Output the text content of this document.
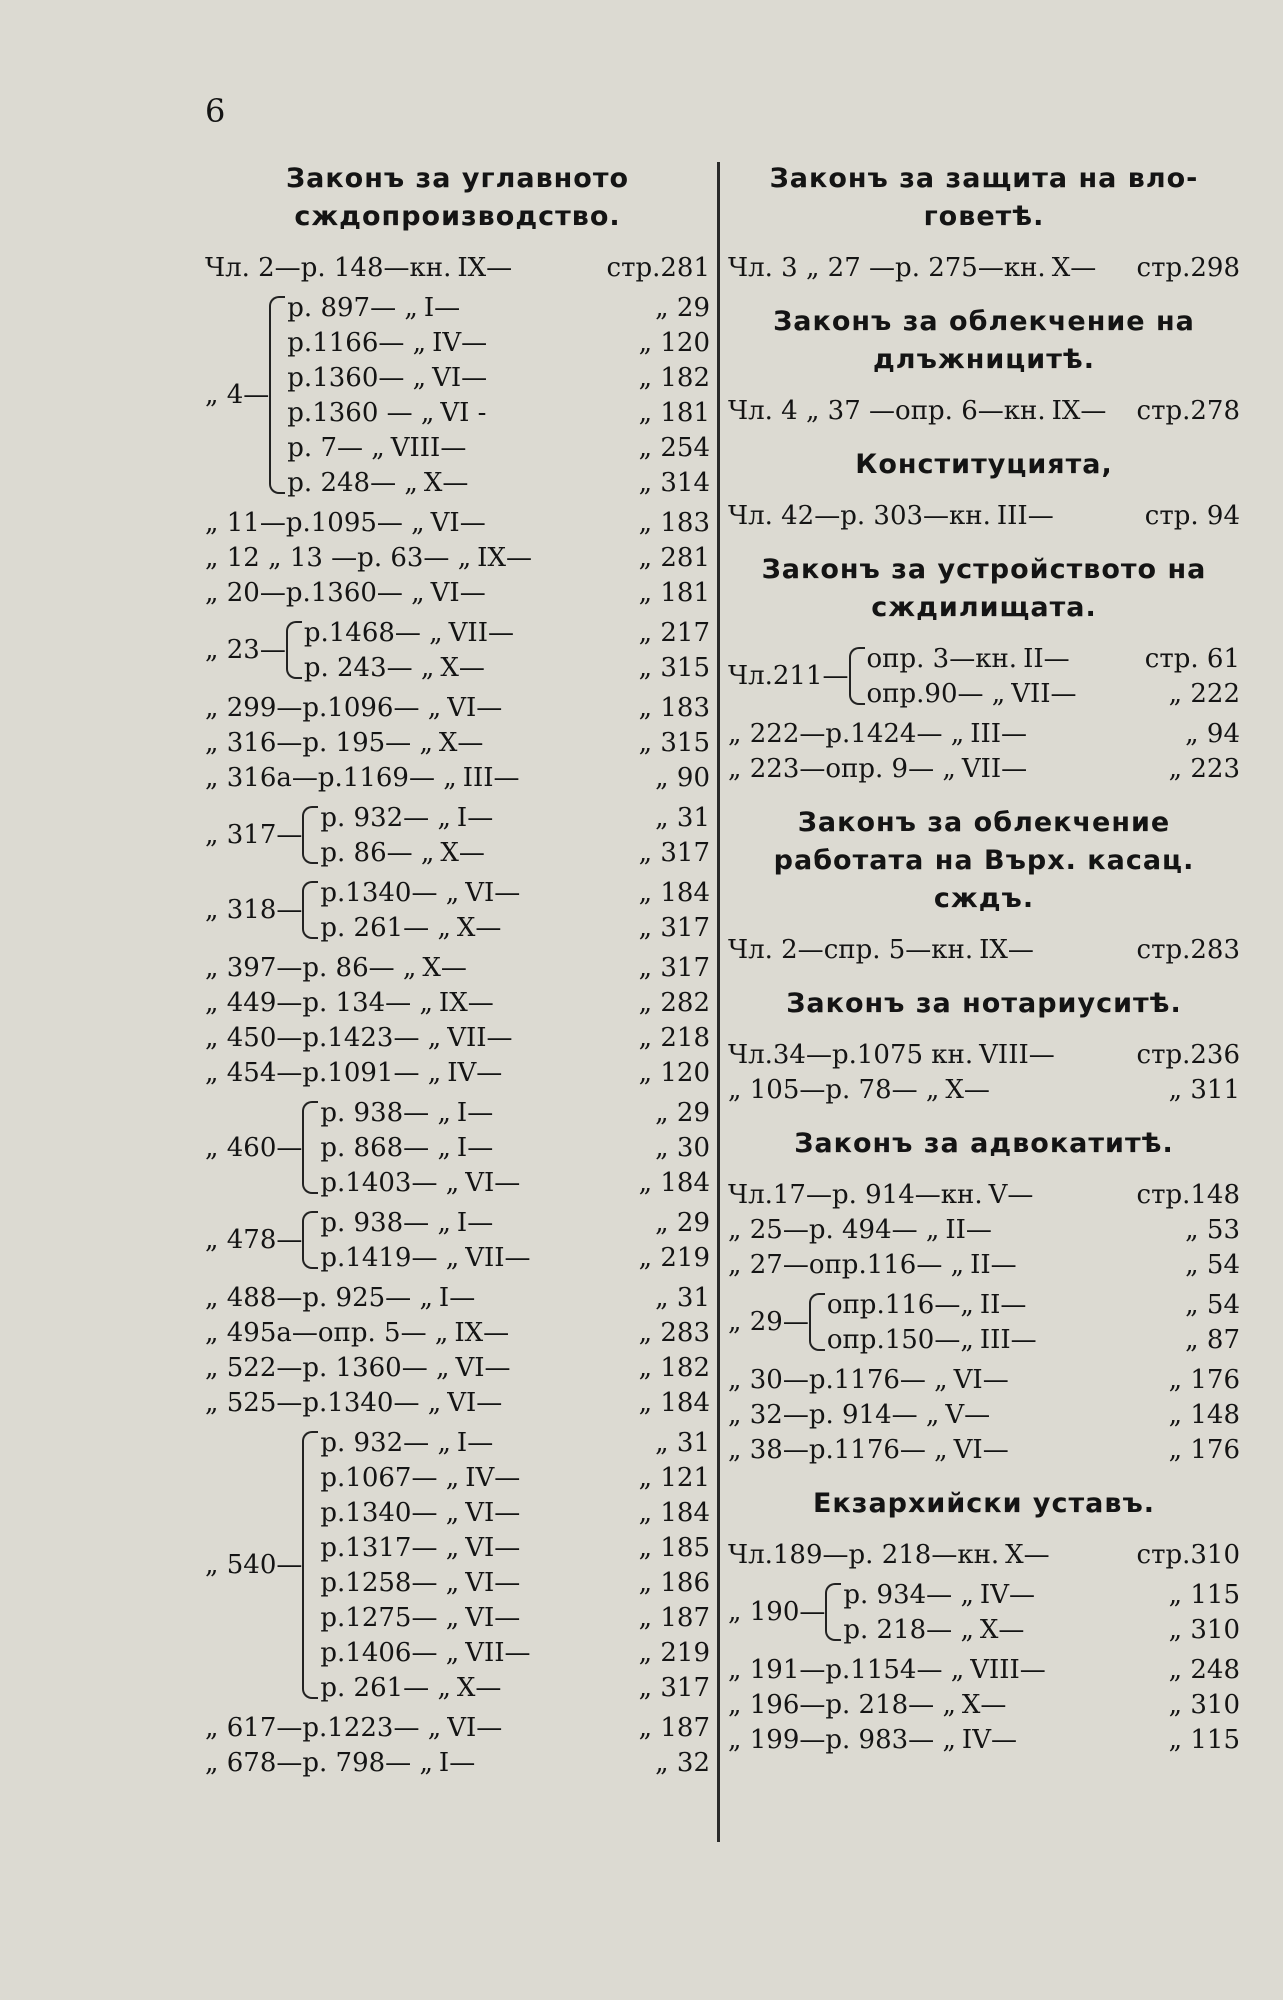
6
Законъ за углавното сждопроизводство.
Чл. 2— р. 148—кн. IX—	стр.281
„ 4—
р. 897— „ I—	„ 29
р.1166— „ IV—	„ 120
р.1360— „ VI—	„ 182
р.1360 — „ VI -	„ 181
р. 7— „ VIII—	„ 254
р. 248— „ X—	„ 314
„ 11— р.1095— „ VI—	„ 183
„ 12 „ 13 — р. 63— „ IX—	„ 281
„ 20— р.1360— „ VI—	„ 181
„ 23—
р.1468— „ VII—	„ 217
р. 243— „ X—	„ 315
„ 299— р.1096— „ VI—	„ 183
„ 316— р. 195— „ X—	„ 315
„ 316а— р.1169— „ III—	„ 90
„ 317—
р. 932— „ I—	„ 31
р. 86— „ X—	„ 317
„ 318—
р.1340— „ VI—	„ 184
р. 261— „ X—	„ 317
„ 397— р. 86— „ X—	„ 317
„ 449— р. 134— „ IX—	„ 282
„ 450— р.1423— „ VII—	„ 218
„ 454— р.1091— „ IV—	„ 120
„ 460—
р. 938— „ I—	„ 29
р. 868— „ I—	„ 30
р.1403— „ VI—	„ 184
„ 478—
р. 938— „ I—	„ 29
р.1419— „ VII—	„ 219
„ 488— р. 925— „ I—	„ 31
„ 495а— опр. 5— „ IX—	„ 283
„ 522— р. 1360— „ VI—	„ 182
„ 525— р.1340— „ VI—	„ 184
„ 540—
р. 932— „ I—	„ 31
р.1067— „ IV—	„ 121
р.1340— „ VI—	„ 184
р.1317— „ VI—	„ 185
р.1258— „ VI—	„ 186
р.1275— „ VI—	„ 187
р.1406— „ VII—	„ 219
р. 261— „ X—	„ 317
„ 617— р.1223— „ VI—	„ 187
„ 678— р. 798— „ I—	„ 32
Законъ за защита на вло- говетѣ.
Чл. 3 „ 27 — р. 275—кн. X—	стр.298
Законъ за облекчение на длъжницитѣ.
Чл. 4 „ 37 — опр. 6—кн. IX—	стр.278
Конституцията,
Чл. 42— р. 303—кн. III—	стр. 94
Законъ за устройството на сждилищата.
Чл.211—
опр. 3—кн. II—	стр. 61
опр.90— „ VII—	„ 222
„ 222— р.1424— „ III—	„ 94
„ 223— опр. 9— „ VII—	„ 223
Законъ за облекчение работата на Върх. касац. сждъ.
Чл. 2— спр. 5—кн. IX—	стр.283
Законъ за нотариуситѣ.
Чл.34— р.1075 кн. VIII—	стр.236
„ 105— р. 78— „ X—	„ 311
Законъ за адвокатитѣ.
Чл.17— р. 914—кн. V—	стр.148
„ 25— р. 494— „ II—	„ 53
„ 27— опр.116— „ II—	„ 54
„ 29—
опр.116—„ II—	„ 54
опр.150—„ III—	„ 87
„ 30— р.1176— „ VI—	„ 176
„ 32— р. 914— „ V—	„ 148
„ 38— р.1176— „ VI—	„ 176
Екзархийски уставъ.
Чл.189— р. 218—кн. X—	стр.310
„ 190—
р. 934— „ IV—	„ 115
р. 218— „ X—	„ 310
„ 191— р.1154— „ VIII—	„ 248
„ 196— р. 218— „ X—	„ 310
„ 199— р. 983— „ IV—	„ 115
